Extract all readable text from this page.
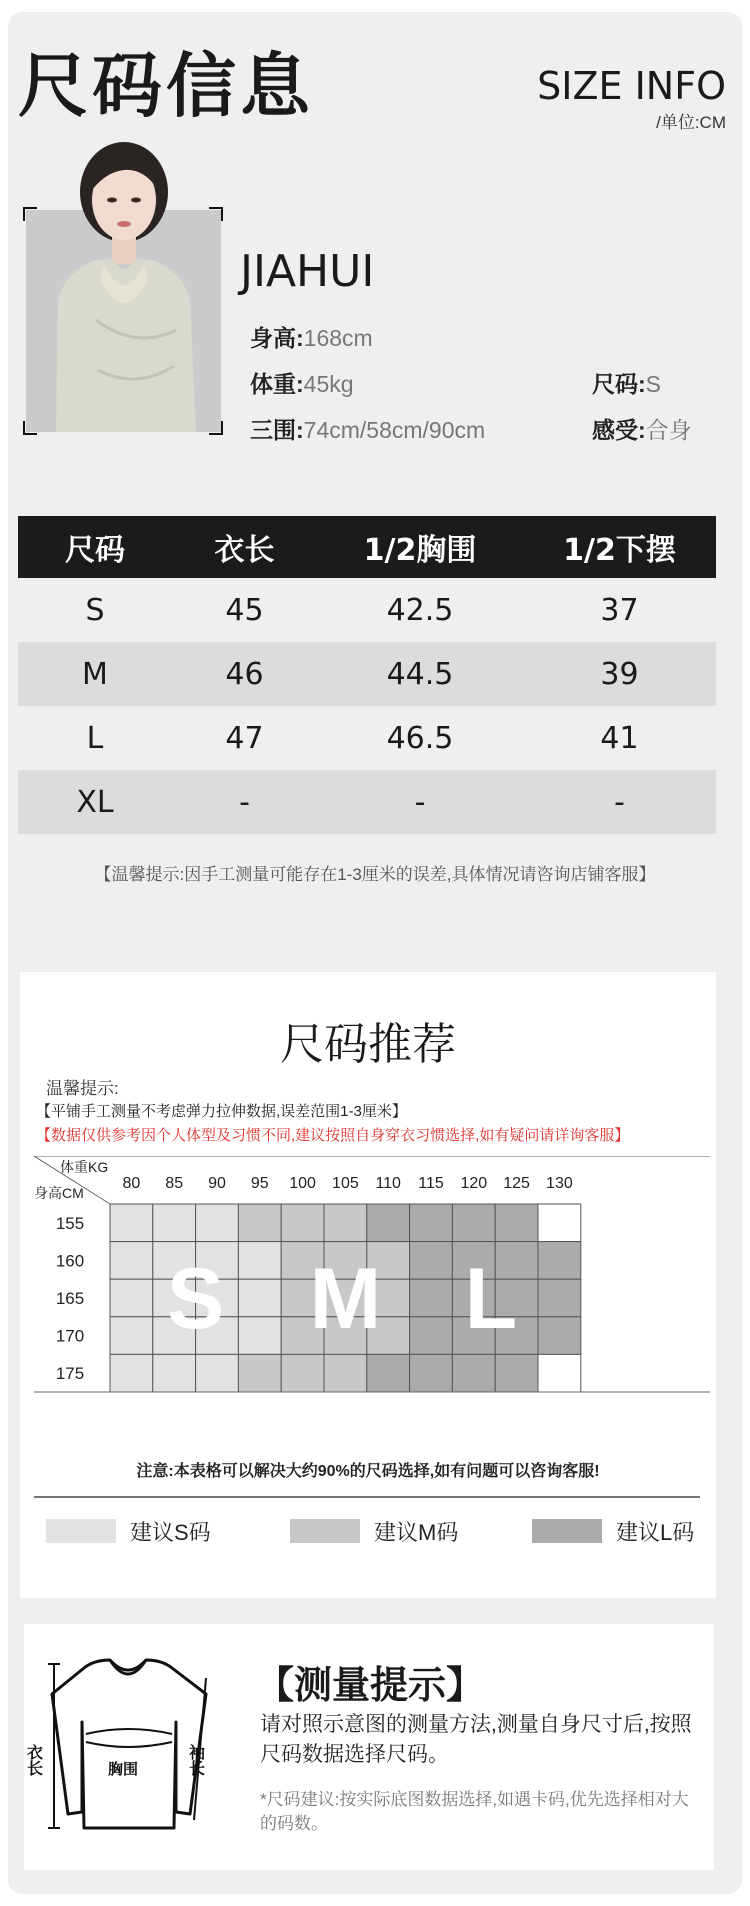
尺码信息	SIZE INFO
/单位:CM
JIAHUI
身高:168cm
体重:45kg
三围:74cm/58cm/90cm
尺码:S
感受:合身
尺码	衣长	1/2胸围	1/2下摆
S	45	42.5	37
M	46	44.5	39
L	47	46.5	41
XL	-	-	-
【温馨提示:因手工测量可能存在1-3厘米的误差,具体情况请咨询店铺客服】
尺码推荐
温馨提示:
【平铺手工测量不考虑弹力拉伸数据,误差范围1-3厘米】
【数据仅供参考因个人体型及习惯不同,建议按照自身穿衣习惯选择,如有疑问请详询客服】
体重KG
身高CM
80 85 90 95 100 105 110 115 120 125 130
155
160
165
170
175
S M L
注意:本表格可以解决大约90%的尺码选择,如有问题可以咨询客服!
建议S码	建议M码	建议L码
衣长	袖长
胸围
【测量提示】
请对照示意图的测量方法,测量自身尺寸后,按照尺码数据选择尺码。
*尺码建议:按实际底图数据选择,如遇卡码,优先选择相对大的码数。
